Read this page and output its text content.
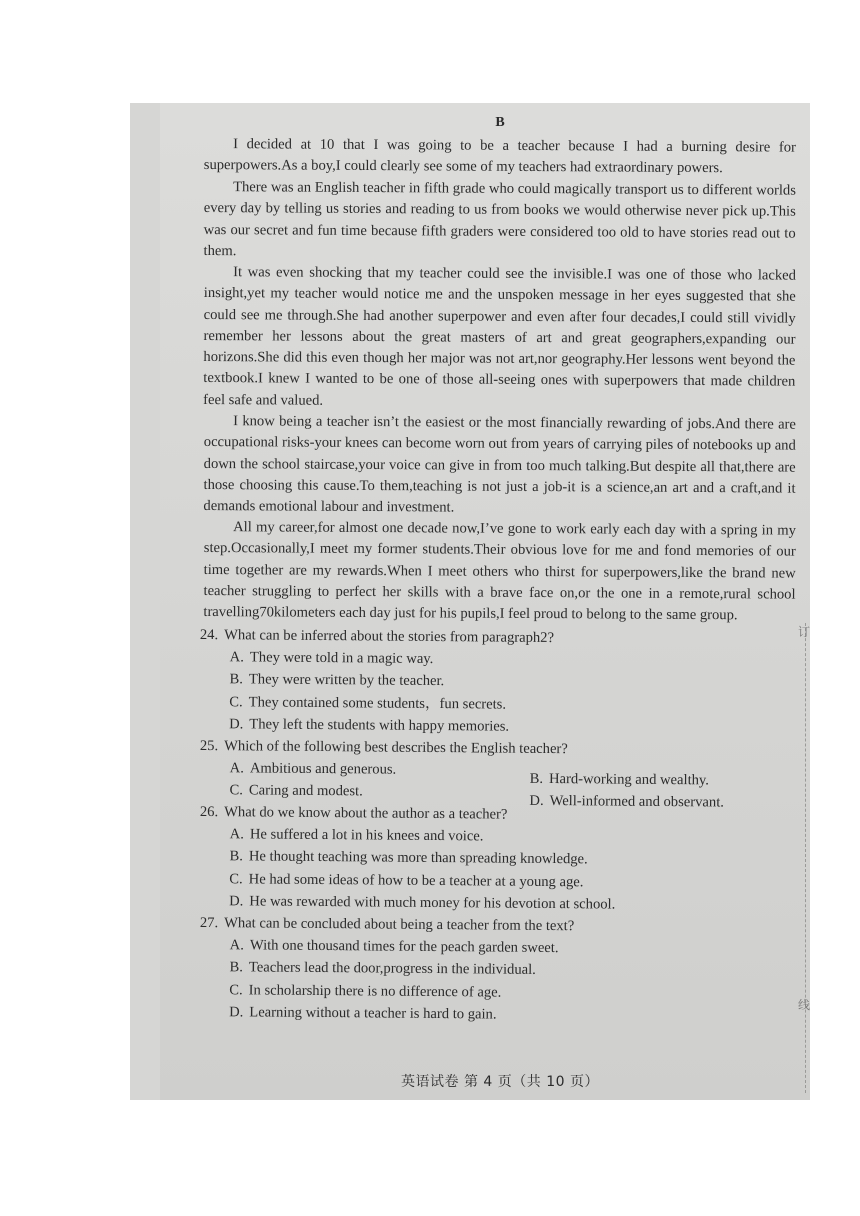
B

I decided at 10 that I was going to be a teacher because I had a burning desire for superpowers.As a boy,I could clearly see some of my teachers had extraordinary powers.

There was an English teacher in fifth grade who could magically transport us to different worlds every day by telling us stories and reading to us from books we would otherwise never pick up.This was our secret and fun time because fifth graders were considered too old to have stories read out to them.

It was even shocking that my teacher could see the invisible.I was one of those who lacked insight,yet my teacher would notice me and the unspoken message in her eyes suggested that she could see me through.She had another superpower and even after four decades,I could still vividly remember her lessons about the great masters of art and great geographers,expanding our horizons.She did this even though her major was not art,nor geography.Her lessons went beyond the textbook.I knew I wanted to be one of those all-seeing ones with superpowers that made children feel safe and valued.

I know being a teacher isn’t the easiest or the most financially rewarding of jobs.And there are occupational risks-your knees can become worn out from years of carrying piles of notebooks up and down the school staircase,your voice can give in from too much talking.But despite all that,there are those choosing this cause.To them,teaching is not just a job-it is a science,an art and a craft,and it demands emotional labour and investment.

All my career,for almost one decade now,I’ve gone to work early each day with a spring in my step.Occasionally,I meet my former students.Their obvious love for me and fond memories of our time together are my rewards.When I meet others who thirst for superpowers,like the brand new teacher struggling to perfect her skills with a brave face on,or the one in a remote,rural school travelling70kilometers each day just for his pupils,I feel proud to belong to the same group.

24. What can be inferred about the stories from paragraph2?
A. They were told in a magic way.
B. They were written by the teacher.
C. They contained some students，fun secrets.
D. They left the students with happy memories.
25. Which of the following best describes the English teacher?
A. Ambitious and generous.
B. Hard-working and wealthy.
C. Caring and modest.
D. Well-informed and observant.
26. What do we know about the author as a teacher?
A. He suffered a lot in his knees and voice.
B. He thought teaching was more than spreading knowledge.
C. He had some ideas of how to be a teacher at a young age.
D. He was rewarded with much money for his devotion at school.
27. What can be concluded about being a teacher from the text?
A. With one thousand times for the peach garden sweet.
B. Teachers lead the door,progress in the individual.
C. In scholarship there is no difference of age.
D. Learning without a teacher is hard to gain.
订
线
英语试卷 第 4 页（共 10 页）
